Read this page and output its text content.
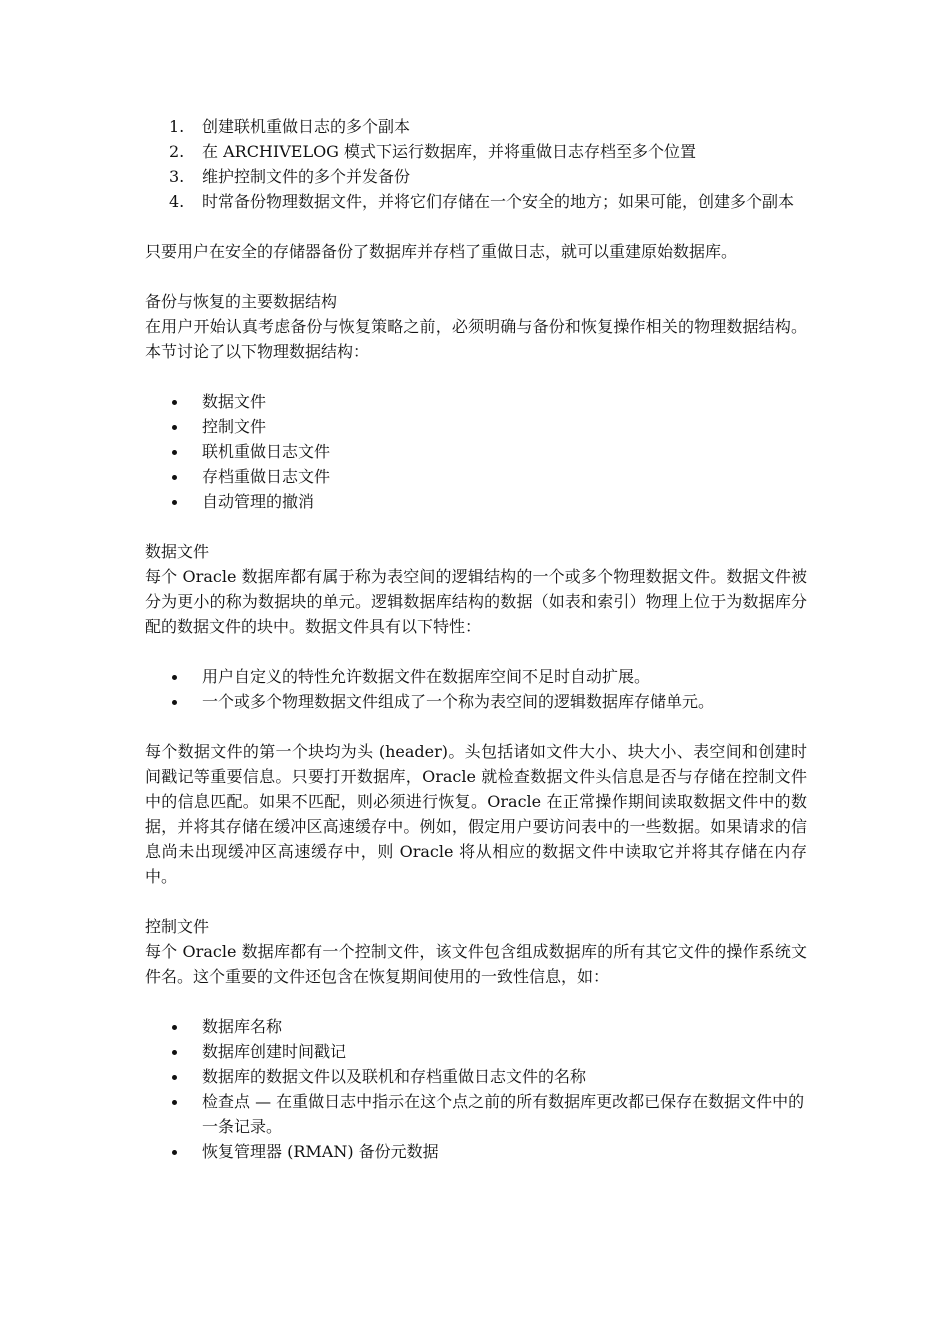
1. 创建联机重做日志的多个副本
2. 在 ARCHIVELOG 模式下运行数据库，并将重做日志存档至多个位置
3. 维护控制文件的多个并发备份
4. 时常备份物理数据文件，并将它们存储在一个安全的地方；如果可能，创建多个副本

只要用户在安全的存储器备份了数据库并存档了重做日志，就可以重建原始数据库。

备份与恢复的主要数据结构

在用户开始认真考虑备份与恢复策略之前，必须明确与备份和恢复操作相关的物理数据结构。本节讨论了以下物理数据结构：

数据文件
控制文件
联机重做日志文件
存档重做日志文件
自动管理的撤消
数据文件

每个 Oracle 数据库都有属于称为表空间的逻辑结构的一个或多个物理数据文件。数据文件被分为更小的称为数据块的单元。逻辑数据库结构的数据（如表和索引）物理上位于为数据库分配的数据文件的块中。数据文件具有以下特性：

用户自定义的特性允许数据文件在数据库空间不足时自动扩展。
一个或多个物理数据文件组成了一个称为表空间的逻辑数据库存储单元。

每个数据文件的第一个块均为头 (header)。头包括诸如文件大小、块大小、表空间和创建时间戳记等重要信息。只要打开数据库，Oracle 就检查数据文件头信息是否与存储在控制文件中的信息匹配。如果不匹配，则必须进行恢复。Oracle 在正常操作期间读取数据文件中的数据，并将其存储在缓冲区高速缓存中。例如，假定用户要访问表中的一些数据。如果请求的信息尚未出现缓冲区高速缓存中，则 Oracle 将从相应的数据文件中读取它并将其存储在内存中。

控制文件

每个 Oracle 数据库都有一个控制文件，该文件包含组成数据库的所有其它文件的操作系统文件名。这个重要的文件还包含在恢复期间使用的一致性信息，如：

数据库名称
数据库创建时间戳记
数据库的数据文件以及联机和存档重做日志文件的名称
检查点 — 在重做日志中指示在这个点之前的所有数据库更改都已保存在数据文件中的一条记录。
恢复管理器 (RMAN) 备份元数据
